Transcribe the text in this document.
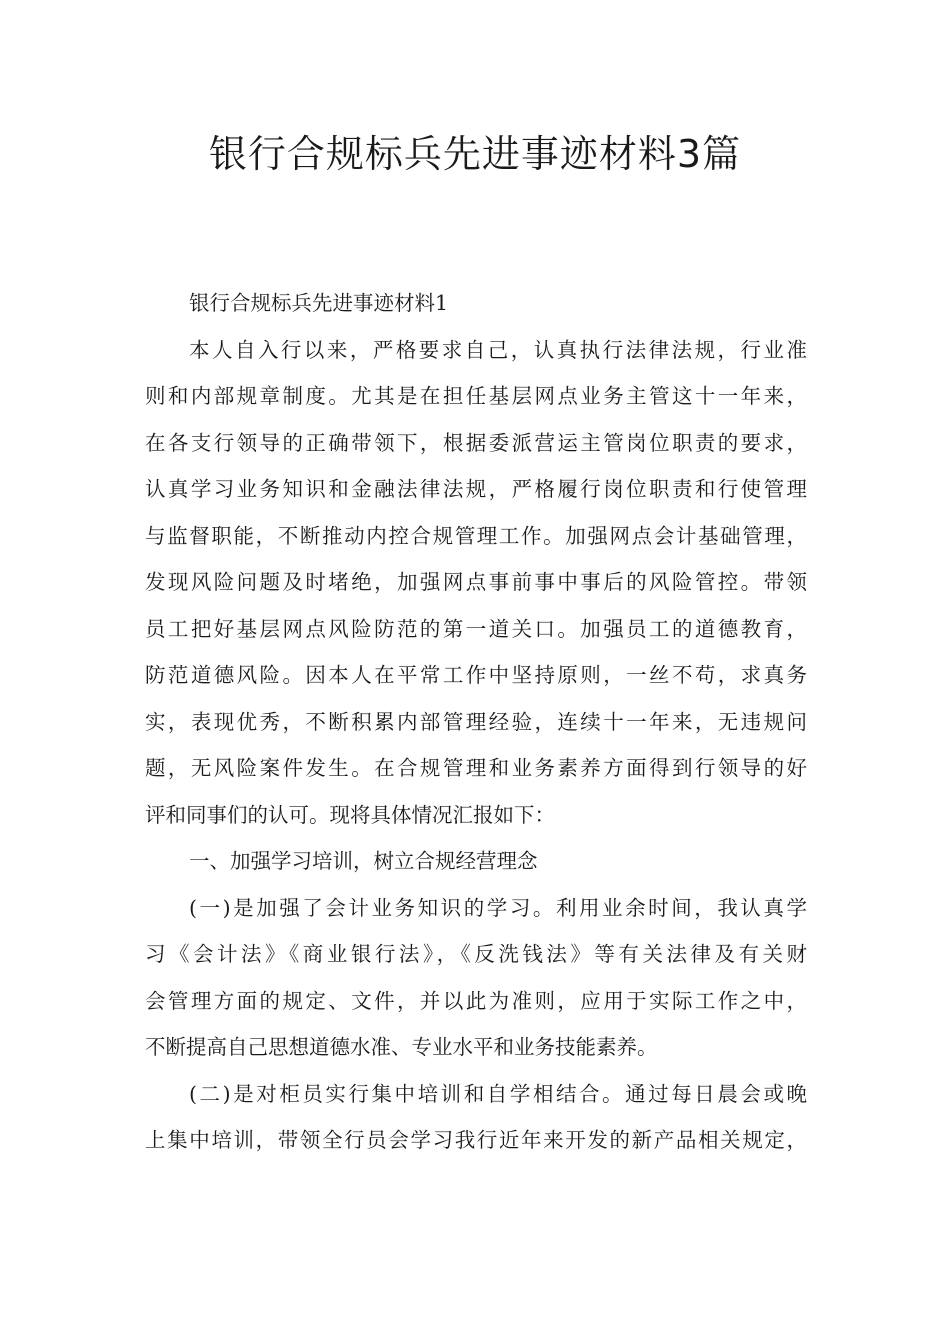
银行合规标兵先进事迹材料3篇
银行合规标兵先进事迹材料1
本人自入行以来，严格要求自己，认真执行法律法规，行业准
则和内部规章制度。尤其是在担任基层网点业务主管这十一年来，
在各支行领导的正确带领下，根据委派营运主管岗位职责的要求，
认真学习业务知识和金融法律法规，严格履行岗位职责和行使管理
与监督职能，不断推动内控合规管理工作。加强网点会计基础管理，
发现风险问题及时堵绝，加强网点事前事中事后的风险管控。带领
员工把好基层网点风险防范的第一道关口。加强员工的道德教育，
防范道德风险。因本人在平常工作中坚持原则，一丝不苟，求真务
实，表现优秀，不断积累内部管理经验，连续十一年来，无违规问
题，无风险案件发生。在合规管理和业务素养方面得到行领导的好
评和同事们的认可。现将具体情况汇报如下：
一、加强学习培训，树立合规经营理念
(一)是加强了会计业务知识的学习。利用业余时间，我认真学
习《会计法》《商业银行法》，《反洗钱法》等有关法律及有关财
会管理方面的规定、文件，并以此为准则，应用于实际工作之中，
不断提高自己思想道德水准、专业水平和业务技能素养。
(二)是对柜员实行集中培训和自学相结合。通过每日晨会或晚
上集中培训，带领全行员会学习我行近年来开发的新产品相关规定，
